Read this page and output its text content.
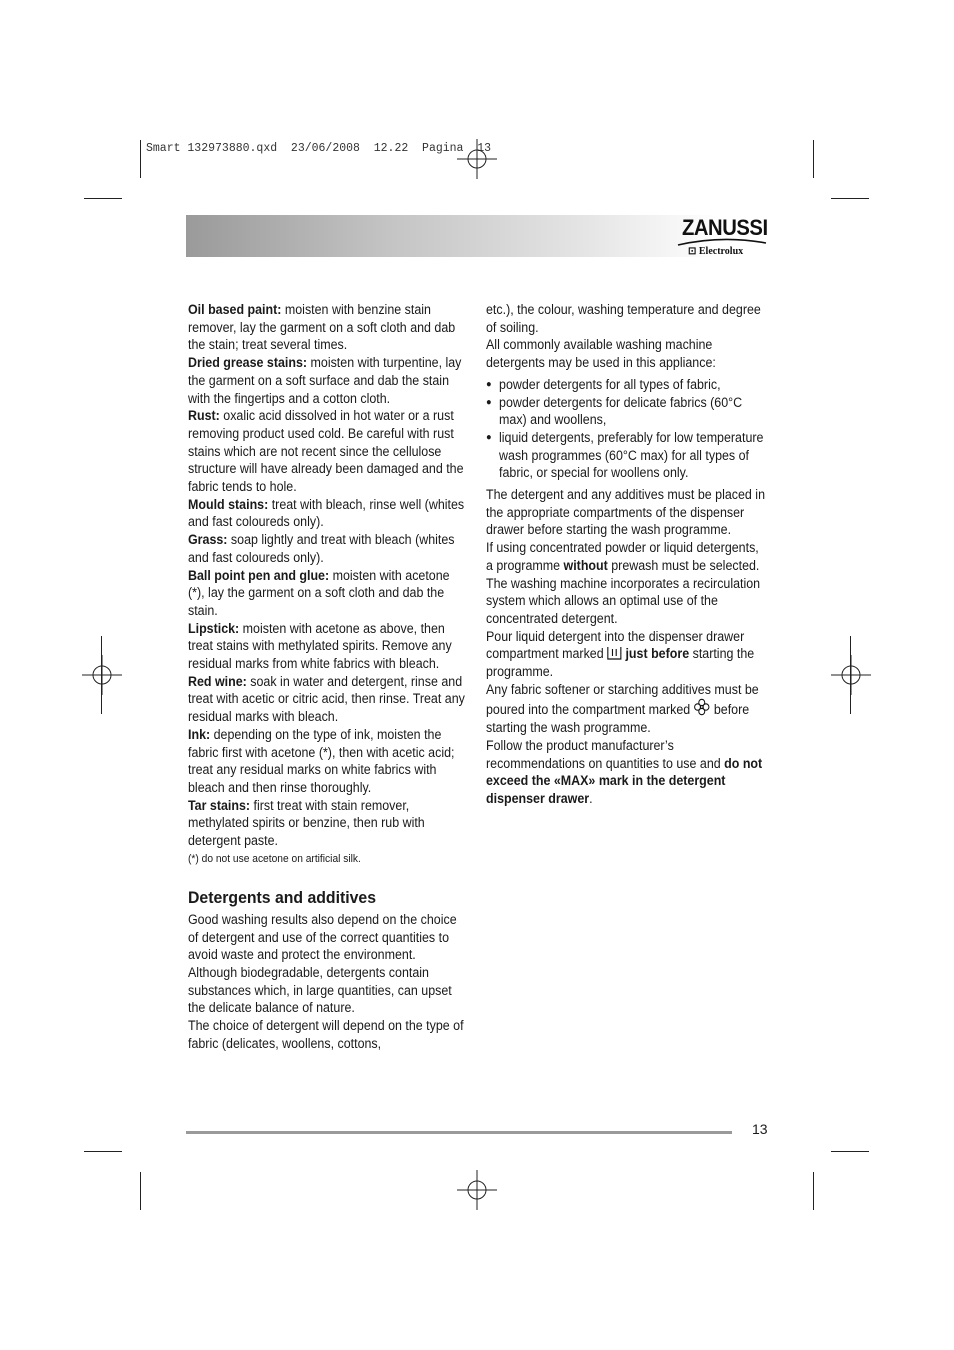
Smart 132973880.qxd  23/06/2008  12.22  Pagina  13
ZANUSSI
⊡ Electrolux

Oil based paint: moisten with benzine stain remover, lay the garment on a soft cloth and dab the stain; treat several times.

Dried grease stains: moisten with turpentine, lay the garment on a soft surface and dab the stain with the fingertips and a cotton cloth.

Rust: oxalic acid dissolved in hot water or a rust removing product used cold. Be careful with rust stains which are not recent since the cellulose structure will have already been damaged and the fabric tends to hole.

Mould stains: treat with bleach, rinse well (whites and fast coloureds only).

Grass: soap lightly and treat with bleach (whites and fast coloureds only).

Ball point pen and glue: moisten with acetone (*), lay the garment on a soft cloth and dab the stain.

Lipstick: moisten with acetone as above, then treat stains with methylated spirits. Remove any residual marks from white fabrics with bleach.

Red wine: soak in water and detergent, rinse and treat with acetic or citric acid, then rinse. Treat any residual marks with bleach.

Ink: depending on the type of ink, moisten the fabric first with acetone (*), then with acetic acid; treat any residual marks on white fabrics with bleach and then rinse thoroughly.

Tar stains: first treat with stain remover, methylated spirits or benzine, then rub with detergent paste.

(*) do not use acetone on artificial silk.

Detergents and additives

Good washing results also depend on the choice of detergent and use of the correct quantities to avoid waste and protect the environment. Although biodegradable, detergents contain substances which, in large quantities, can upset the delicate balance of nature.

The choice of detergent will depend on the type of fabric (delicates, woollens, cottons,

etc.), the colour, washing temperature and degree of soiling.

All commonly available washing machine detergents may be used in this appliance:

● powder detergents for all types of fabric,
● powder detergents for delicate fabrics (60°C max) and woollens,
● liquid detergents, preferably for low temperature wash programmes (60°C max) for all types of fabric, or special for woollens only.

The detergent and any additives must be placed in the appropriate compartments of the dispenser drawer before starting the wash programme.

If using concentrated powder or liquid detergents, a programme without prewash must be selected.

The washing machine incorporates a recirculation system which allows an optimal use of the concentrated detergent.

Pour liquid detergent into the dispenser drawer compartment marked  just before starting the programme.

Any fabric softener or starching additives must be poured into the compartment marked  before starting the wash programme.

Follow the product manufacturer’s recommendations on quantities to use and do not exceed the «MAX» mark in the detergent dispenser drawer.

13
